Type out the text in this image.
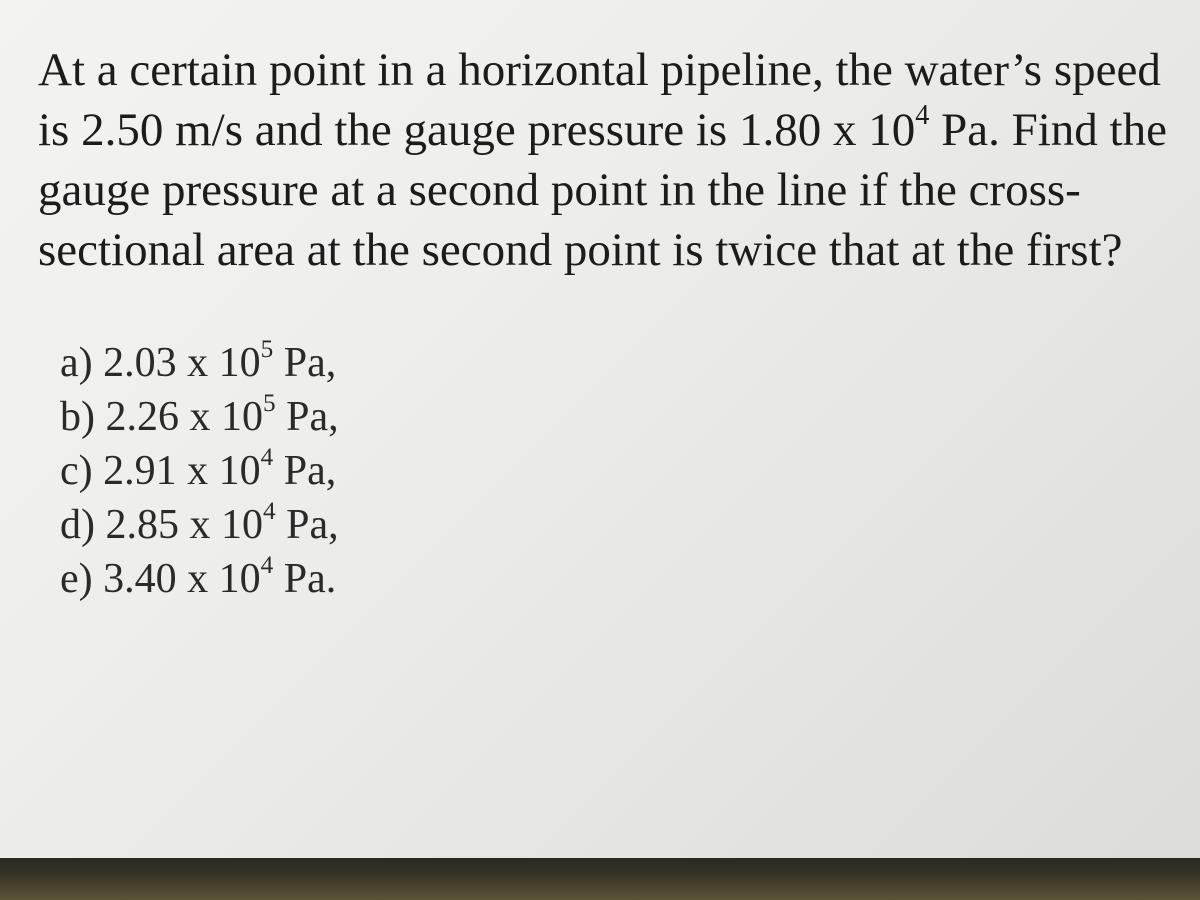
At a certain point in a horizontal pipeline, the water’s speed is 2.50 m/s and the gauge pressure is 1.80 x $10^4$ Pa. Find the gauge pressure at a second point in the line if the cross-sectional area at the second point is twice that at the first?

a) 2.03 x $10^5$ Pa,
b) 2.26 x $10^5$ Pa,
c) 2.91 x $10^4$ Pa,
d) 2.85 x $10^4$ Pa,
e) 3.40 x $10^4$ Pa.
